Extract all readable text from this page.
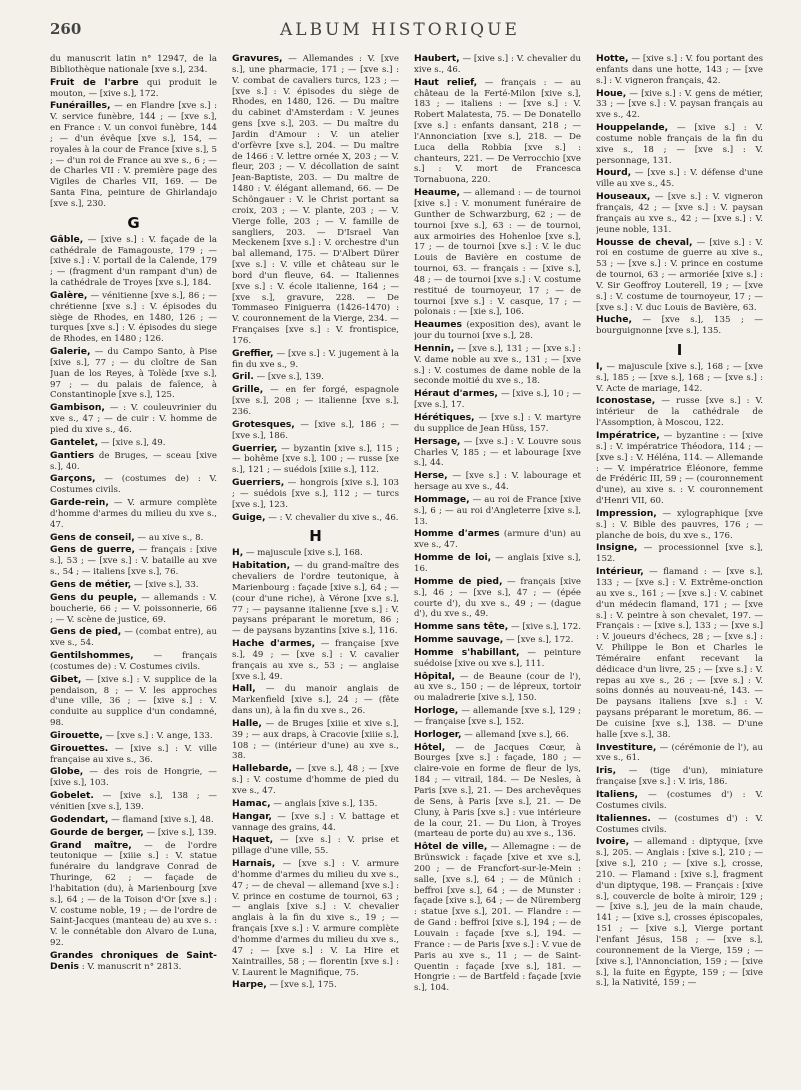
260	ALBUM HISTORIQUE
du manuscrit latin n° 12947, de la Bibliothèque nationale [xve s.], 234.
Fruit de l'arbre qui produit le mouton, — [xive s.], 172.
Funérailles, — en Flandre [xve s.] : V. service funèbre, 144 ; — [xve s.], en France : V. un convoi funèbre, 144 ; — d'un évêque [xve s.], 154, — royales à la cour de France [xive s.], 5 ; — d'un roi de France au xve s., 6 ; — de Charles VII : V. première page des Vigiles de Charles VII, 169. — De Santa Fina, peinture de Ghirlandajo [xve s.], 230.
G
Gâble, — [xive s.] : V. façade de la cathédrale de Famagouste, 179 ; — [xive s.] : V. portail de la Calende, 179 ; — (fragment d'un rampant d'un) de la cathédrale de Troyes [xve s.], 184.
Galère, — vénitienne [xve s.], 86 ; — chrétienne [xve s.] : V. épisodes du siège de Rhodes, en 1480, 126 ; — turques [xve s.] : V. épisodes du siege de Rhodes, en 1480 ; 126.
Galerie, — du Campo Santo, à Pise [xive s.], 77 ; — du cloître de San Juan de los Reyes, à Tolède [xve s.], 97 ; — du palais de faïence, à Constantinople [xve s.], 125.
Gambison, — : V. couleuvrinier du xve s., 47 ; — de cuir : V. homme de pied du xive s., 46.
Gantelet, — [xive s.], 49.
Gantiers de Bruges, — sceau [xive s.], 40.
Garçons, — (costumes de) : V. Costumes civils.
Garde-rein, — V. armure complète d'homme d'armes du milieu du xve s., 47.
Gens de conseil, — au xive s., 8.
Gens de guerre, — français : [xive s.], 53 ; — [xve s.] : V. bataille au xve s., 54 ; — italiens [xve s.], 76.
Gens de métier, — [xive s.], 33.
Gens du peuple, — allemands : V. boucherie, 66 ; — V. poissonnerie, 66 ; — V. scène de justice, 69.
Gens de pied, — (combat entre), au xve s., 54.
Gentilshommes, — français (costumes de) : V. Costumes civils.
Gibet, — [xive s.] : V. supplice de la pendaison, 8 ; — V. les approches d'une ville, 36 ; — [xive s.] : V. conduite au supplice d'un condamné, 98.
Girouette, — [xve s.] : V. ange, 133.
Girouettes. — [xive s.] : V. ville française au xive s., 36.
Globe, — des rois de Hongrie, — [xive s.], 103.
Gobelet. — [xive s.], 138 ; — vénitien [xve s.], 139.
Godendart, — flamand [xive s.], 48.
Gourde de berger, — [xive s.], 139.
Grand maître, — de l'ordre teutonique — [xiiie s.] : V. statue funéraire du landgrave Conrad de Thuringe, 62 ; — façade de l'habitation (du), à Marienbourg [xve s.], 64 ; — de la Toison d'Or [xve s.] : V. costume noble, 19 ; — de l'ordre de Saint-Jacques (manteau de) au xve s. : V. le connétable don Alvaro de Luna, 92.
Grandes chroniques de Saint-Denis : V. manuscrit n° 2813.
Gravures, — Allemandes : V. [xve s.], une pharmacie, 171 ; — [xve s.] : V. combat de cavaliers turcs, 123 ; — [xve s.] : V. épisodes du siège de Rhodes, en 1480, 126. — Du maître du cabinet d'Amsterdam : V. jeunes gens [xve s.], 203. — Du maître du Jardin d'Amour : V. un atelier d'orfèvre [xve s.], 204. — Du maître de 1466 : V. lettre ornée X, 203 ; — V. fleur, 203 ; — V. décollation de saint Jean-Baptiste, 203. — Du maître de 1480 : V. élégant allemand, 66. — De Schöngauer : V. le Christ portant sa croix, 203 ; — V. plante, 203 ; — V. Vierge folle, 203 ; — V. famille de sangliers, 203. — D'Israel Van Meckenem [xve s.] : V. orchestre d'un bal allemand, 175. — D'Albert Dürer [xve s.] : V. ville et château sur le bord d'un fleuve, 64. — Italiennes [xve s.] : V. école italienne, 164 ; — [xve s.], gravure, 228. — De Tommaseo Finiguerra (1426-1470) : V. couronnement de la Vierge, 234. — Françaises [xve s.] : V. frontispice, 176.
Greffier, — [xve s.] : V. jugement à la fin du xve s., 9.
Gril. — [xve s.], 139.
Grille, — en fer forgé, espagnole [xve s.], 208 ; — italienne [xve s.], 236.
Grotesques, — [xive s.], 186 ; — [xve s.], 186.
Guerrier, — byzantin [xive s.], 115 ; — bohême [xve s.], 100 ; — russe [xe s.], 121 ; — suédois [xiiie s.], 112.
Guerriers, — hongrois [xive s.], 103 ; — suédois [xve s.], 112 ; — turcs [xve s.], 123.
Guige, — : V. chevalier du xive s., 46.
H
H, — majuscule [xive s.], 168.
Habitation, — du grand-maître des chevaliers de l'ordre teutonique, à Marienbourg : façade [xive s.], 64 ; — (cour d'une riche), à Vérone [xve s.], 77 ; — paysanne italienne [xve s.] : V. paysans préparant le moretum, 86 ; — de paysans byzantins [xive s.], 116.
Hache d'armes, — française [xve s.], 49 ; — [xve s.] : V. cavalier français au xve s., 53 ; — anglaise [xve s.], 49.
Hall, — du manoir anglais de Markenfield [xive s.], 24 ; — (fête dans un), à la fin du xve s., 26.
Halle, — de Bruges [xiiie et xive s.], 39 ; — aux draps, à Cracovie [xiiie s.], 108 ; — (intérieur d'une) au xve s., 38.
Hallebarde, — [xve s.], 48 ; — [xve s.] : V. costume d'homme de pied du xve s., 47.
Hamac, — anglais [xive s.], 135.
Hangar, — [xve s.] : V. battage et vannage des grains, 44.
Haquet, — [xve s.] : V. prise et pillage d'une ville, 55.
Harnais, — [xve s.] : V. armure d'homme d'armes du milieu du xve s., 47 ; — de cheval — allemand [xve s.] : V. prince en costume de tournoi, 63 ; — anglais [xive s.] : V. chevalier anglais à la fin du xive s., 19 ; — français [xve s.] : V. armure complète d'homme d'armes du milieu du xve s., 47 ; — [xve s.] : V. La Hire et Xaintrailles, 58 ; — florentin [xve s.] : V. Laurent le Magnifique, 75.
Harpe, — [xve s.], 175.
Haubert, — [xive s.] : V. chevalier du xive s., 46.
Haut relief, — français : — au château de la Ferté-Milon [xive s.], 183 ; — italiens : — [xve s.] : V. Robert Malatesta, 75. — De Donatello [xve s.] : enfants dansant, 218 ; — l'Annonciation [xve s.], 218. — De Luca della Robbia [xve s.] : chanteurs, 221. — De Verrocchio [xve s.] : V. mort de Francesca Tornabuona, 220.
Heaume, — allemand : — de tournoi [xive s.] : V. monument funéraire de Gunther de Schwarzburg, 62 ; — de tournoi [xve s.], 63 : — de tournoi, aux armoiries des Hohenloe [xve s.], 17 ; — de tournoi [xve s.] : V. le duc Louis de Bavière en costume de tournoi, 63. — français : — [xive s.], 48 ; — de tournoi [xve s.] : V. costume restitué de tournoyeur, 17 ; — de tournoi [xve s.] : V. casque, 17 ; — polonais : — [xie s.], 106.
Heaumes (exposition des), avant le jour du tournoi [xve s.], 28.
Hennin, — [xve s.], 131 ; — [xve s.] : V. dame noble au xve s., 131 ; — [xve s.] : V. costumes de dame noble de la seconde moitié du xve s., 18.
Héraut d'armes, — [xive s.], 10 ; — [xve s.], 17.
Hérétiques, — [xve s.] : V. martyre du supplice de Jean Hüss, 157.
Hersage, — [xve s.] : V. Louvre sous Charles V, 185 ; — et labourage [xve s.], 44.
Herse, — [xve s.] : V. labourage et hersage au xve s., 44.
Hommage, — au roi de France [xive s.], 6 ; — au roi d'Angleterre [xive s.], 13.
Homme d'armes (armure d'un) au xve s., 47.
Homme de loi, — anglais [xive s.], 16.
Homme de pied, — français [xive s.], 46 ; — [xve s.], 47 ; — (épée courte d'), du xve s., 49 ; — (dague d'), du xve s., 49.
Homme sans tête, — [xive s.], 172.
Homme sauvage, — [xve s.], 172.
Homme s'habillant, — peinture suédoise [xive ou xve s.], 111.
Hôpital, — de Beaune (cour de l'), au xve s., 150 ; — de lépreux, tortoir ou maladrerie [xive s.], 150.
Horloge, — allemande [xve s.], 129 ; — française [xve s.], 152.
Horloger, — allemand [xve s.], 66.
Hôtel, — de Jacques Cœur, à Bourges [xve s.] : façade, 180 ; — claire-voie en forme de fleur de lys, 184 ; — vitrail, 184. — De Nesles, à Paris [xve s.], 21. — Des archevêques de Sens, à Paris [xve s.], 21. — De Cluny, à Paris [xve s.] : vue intérieure de la cour, 21. — Du Lion, à Troyes (marteau de porte du) au xve s., 136.
Hôtel de ville, — Allemagne : — de Brünswick : façade [xive et xve s.], 200 ; — de Francfort-sur-le-Mein : salle, [xve s.], 64 ; — de Münich : beffroi [xve s.], 64 ; — de Munster : façade [xive s.], 64 ; — de Nüremberg : statue [xve s.], 201. — Flandre : — de Gand : beffroi [xive s.], 194 ; — de Louvain : façade [xve s.], 194. — France : — de Paris [xve s.] : V. vue de Paris au xve s., 11 ; — de Saint-Quentin : façade [xve s.], 181. — Hongrie : — de Bartfeld : façade [xvie s.], 104.
Hotte, — [xive s.] : V. fou portant des enfants dans une hotte, 143 ; — [xve s.] : V. vigneron français, 42.
Houe, — [xive s.] : V. gens de métier, 33 ; — [xve s.] : V. paysan français au xve s., 42.
Houppelande, — [xive s.] : V. costume noble français de la fin du xive s., 18 ; — [xve s.] : V. personnage, 131.
Hourd, — [xve s.] : V. défense d'une ville au xve s., 45.
Houseaux, — [xve s.] : V. vigneron français, 42 ; — [xve s.] : V. paysan français au xve s., 42 ; — [xve s.] : V. jeune noble, 131.
Housse de cheval, — [xive s.] : V. roi en costume de guerre au xive s., 53 ; — [xve s.] : V. prince en costume de tournoi, 63 ; — armoriée [xive s.] : V. Sir Geoffroy Louterell, 19 ; — [xve s.] : V. costume de tournoyeur, 17 ; — [xve s.] : V. duc Louis de Bavière, 63.
Huche, — [xve s.], 135 ; — bourguignonne [xve s.], 135.
I
I, — majuscule [xive s.], 168 ; — [xve s.], 185 ; — [xve s.], 168 ; — [xve s.] : V. Acte de mariage, 142.
Iconostase, — russe [xve s.] : V. intérieur de la cathédrale de l'Assomption, à Moscou, 122.
Impératrice, — byzantine : — [xive s.] : V. impératrice Théodora, 114 ; — [xve s.] : V. Héléna, 114. — Allemande : — V. impératrice Éléonore, femme de Frédéric III, 59 ; — (couronnement d'une), au xive s. : V. couronnement d'Henri VII, 60.
Impression, — xylographique [xve s.] : V. Bible des pauvres, 176 ; — planche de bois, du xve s., 176.
Insigne, — processionnel [xve s.], 152.
Intérieur, — flamand : — [xve s.], 133 ; — [xve s.] : V. Extrême-onction au xve s., 161 ; — [xve s.] : V. cabinet d'un médecin flamand, 171 ; — [xve s.] : V. peintre à son chevalet, 197. — Français : — [xive s.], 133 ; — [xve s.] : V. joueurs d'échecs, 28 ; — [xve s.] : V. Philippe le Bon et Charles le Téméraire enfant recevant la dédicace d'un livre, 25 ; — [xve s.] : V. repas au xve s., 26 ; — [xve s.] : V. soins donnés au nouveau-né, 143. — De paysans italiens [xve s.] : V. paysans préparant le moretum, 86. — De cuisine [xve s.], 138. — D'une halle [xve s.], 38.
Investiture, — (cérémonie de l'), au xve s., 61.
Iris, — (tige d'un), miniature française [xve s.] : V. iris, 186.
Italiens, — (costumes d') : V. Costumes civils.
Italiennes. — (costumes d') : V. Costumes civils.
Ivoire, — allemand : diptyque, [xve s.], 205. — Anglais : [xive s.], 210 ; — [xive s.], 210 ; — [xive s.], crosse, 210. — Flamand : [xive s.], fragment d'un diptyque, 198. — Français : [xive s.], couvercle de boîte à miroir, 129 ; — [xive s.], jeu de la main chaude, 141 ; — [xive s.], crosses épiscopales, 151 ; — [xive s.], Vierge portant l'enfant Jésus, 158 ; — [xve s.], couronnement de la Vierge, 159 ; — [xive s.], l'Annonciation, 159 ; — [xive s.], la fuite en Égypte, 159 ; — [xive s.], la Nativité, 159 ; —
